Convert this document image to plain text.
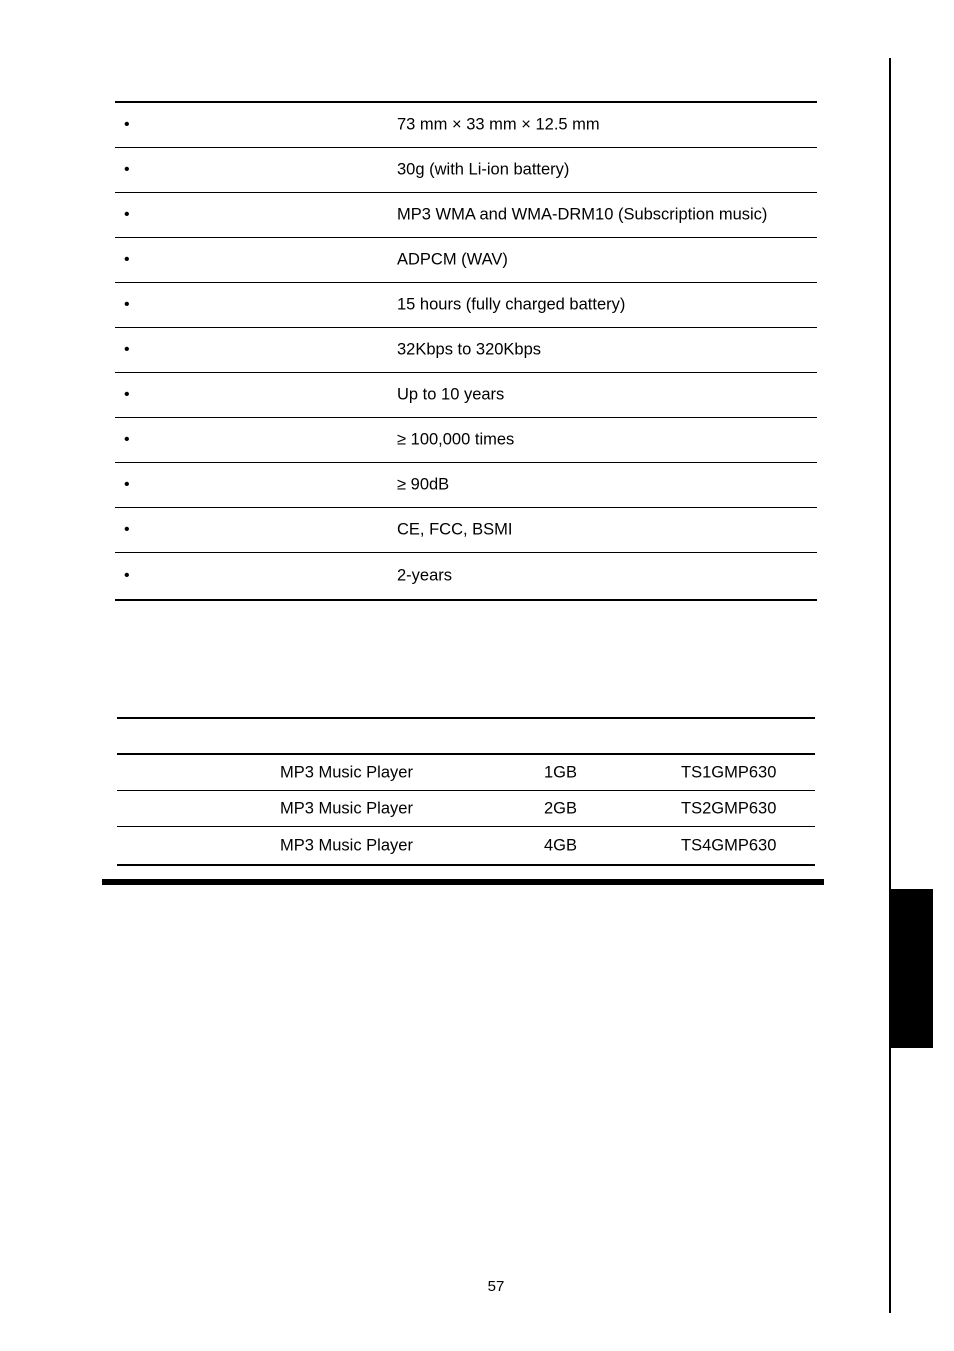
•	73 mm × 33 mm × 12.5 mm
•	30g (with Li-ion battery)
•	MP3 WMA and WMA-DRM10 (Subscription music)
•	ADPCM (WAV)
•	15 hours (fully charged battery)
•	32Kbps to 320Kbps
•	Up to 10 years
•	≥ 100,000 times
•	≥ 90dB
•	CE, FCC, BSMI
•	2-years
MP3 Music Player	1GB	TS1GMP630
MP3 Music Player	2GB	TS2GMP630
MP3 Music Player	4GB	TS4GMP630
57
